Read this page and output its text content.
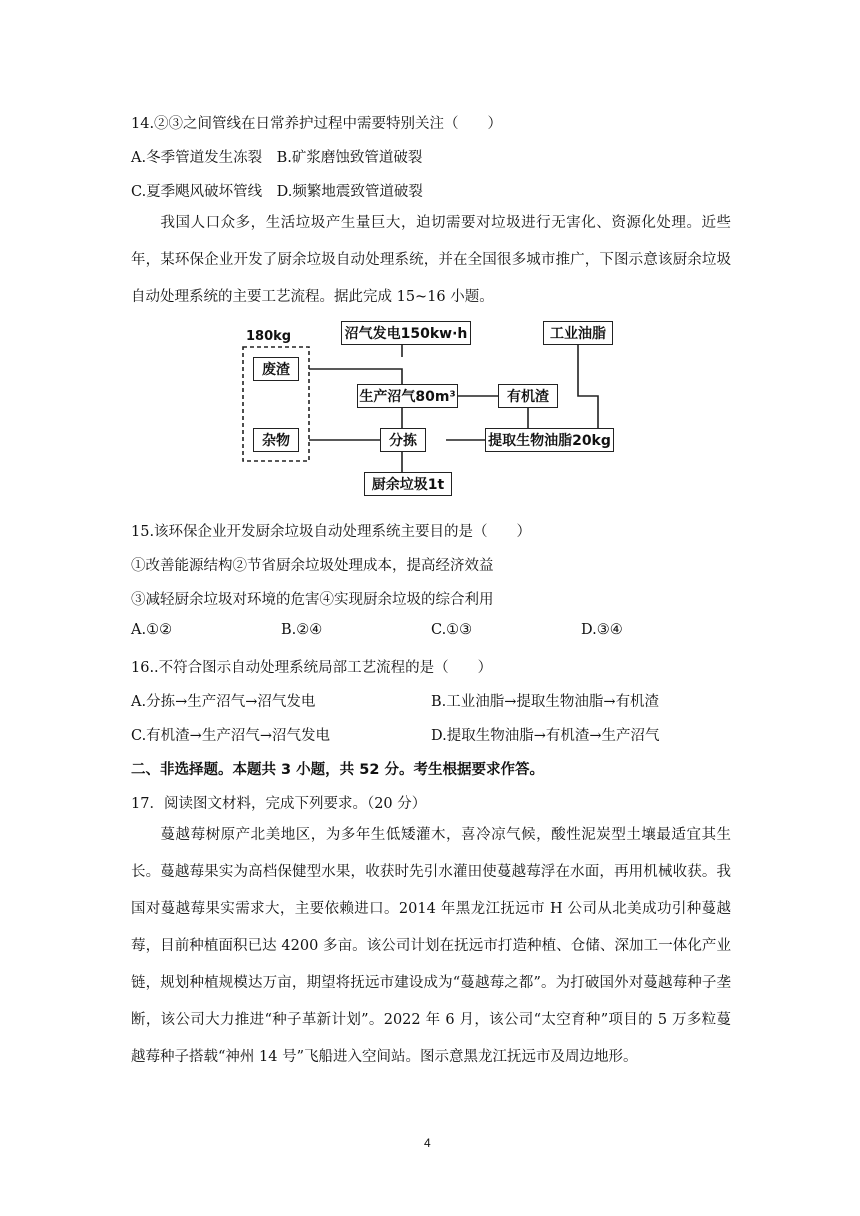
14.②③之间管线在日常养护过程中需要特别关注（　　）
A.冬季管道发生冻裂　B.矿浆磨蚀致管道破裂
C.夏季飓风破坏管线　D.频繁地震致管道破裂
我国人口众多，生活垃圾产生量巨大，迫切需要对垃圾进行无害化、资源化处理。近些年，某环保企业开发了厨余垃圾自动处理系统，并在全国很多城市推广，下图示意该厨余垃圾自动处理系统的主要工艺流程。据此完成 15~16 小题。
180kg	沼气发电150kw·h	工业油脂
废渣
生产沼气80m³	有机渣
杂物	分拣	提取生物油脂20kg
厨余垃圾1t
15.该环保企业开发厨余垃圾自动处理系统主要目的是（　　）
①改善能源结构②节省厨余垃圾处理成本，提高经济效益
③减轻厨余垃圾对环境的危害④实现厨余垃圾的综合利用
A.①②	B.②④	C.①③	D.③④
16..不符合图示自动处理系统局部工艺流程的是（　　）
A.分拣→生产沼气→沼气发电	B.工业油脂→提取生物油脂→有机渣
C.有机渣→生产沼气→沼气发电	D.提取生物油脂→有机渣→生产沼气
二、非选择题。本题共 3 小题，共 52 分。考生根据要求作答。
17．阅读图文材料，完成下列要求。（20 分）
蔓越莓树原产北美地区，为多年生低矮灌木，喜冷凉气候，酸性泥炭型土壤最适宜其生长。蔓越莓果实为高档保健型水果，收获时先引水灌田使蔓越莓浮在水面，再用机械收获。我国对蔓越莓果实需求大，主要依赖进口。2014 年黑龙江抚远市 H 公司从北美成功引种蔓越莓，目前种植面积已达 4200 多亩。该公司计划在抚远市打造种植、仓储、深加工一体化产业链，规划种植规模达万亩，期望将抚远市建设成为“蔓越莓之都”。为打破国外对蔓越莓种子垄断，该公司大力推进“种子革新计划”。2022 年 6 月，该公司“太空育种”项目的 5 万多粒蔓越莓种子搭载“神州 14 号”飞船进入空间站。图示意黑龙江抚远市及周边地形。
4
